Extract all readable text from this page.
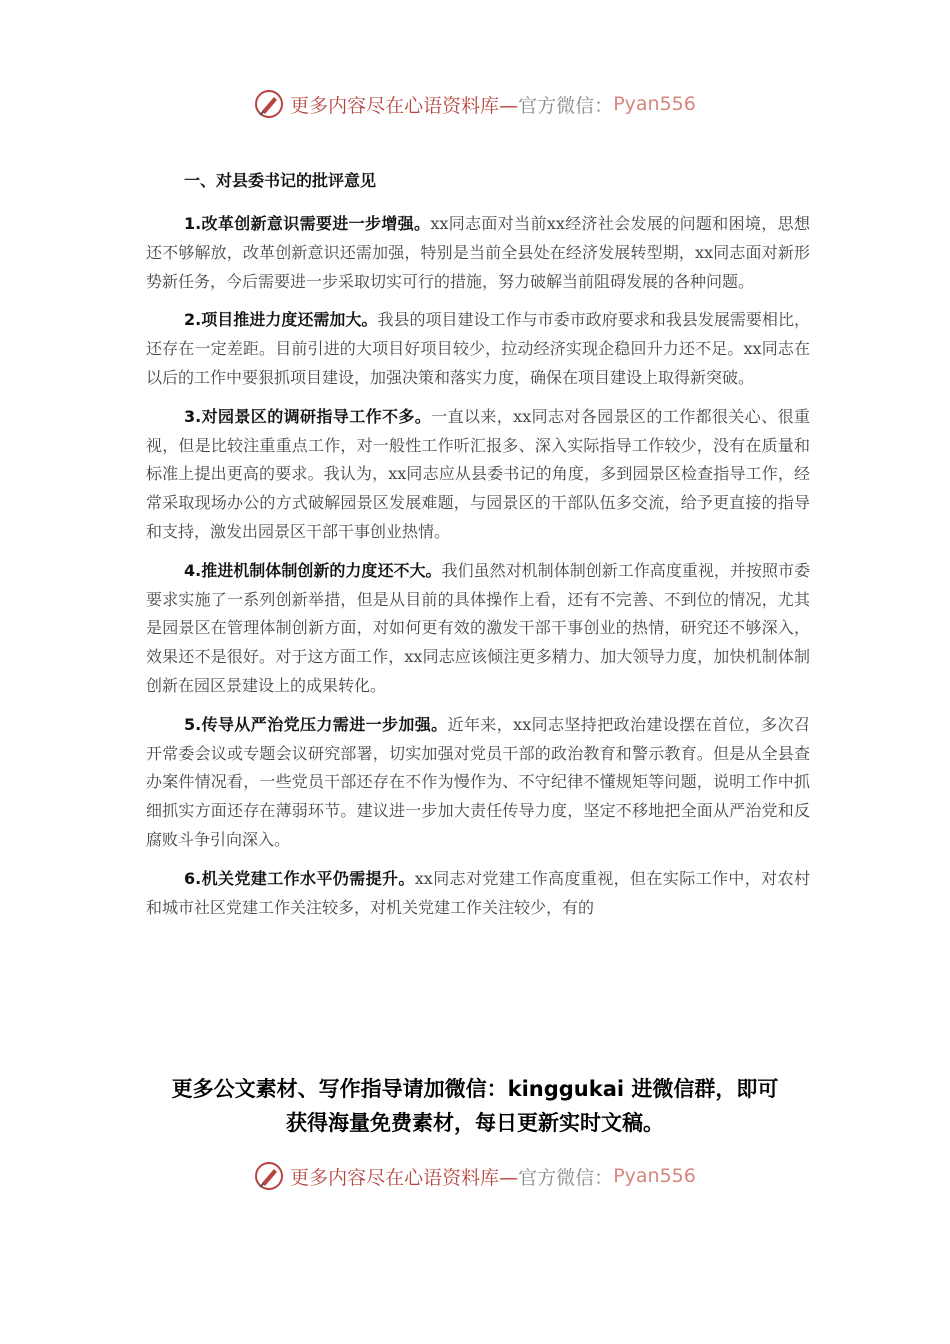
更多内容尽在心语资料库— 官方微信： Pyan556
一、对县委书记的批评意见

1.改革创新意识需要进一步增强。xx同志面对当前xx经济社会发展的问题和困境，思想还不够解放，改革创新意识还需加强，特别是当前全县处在经济发展转型期，xx同志面对新形势新任务，今后需要进一步采取切实可行的措施，努力破解当前阻碍发展的各种问题。

2.项目推进力度还需加大。我县的项目建设工作与市委市政府要求和我县发展需要相比，还存在一定差距。目前引进的大项目好项目较少，拉动经济实现企稳回升力还不足。xx同志在以后的工作中要狠抓项目建设，加强决策和落实力度，确保在项目建设上取得新突破。

3.对园景区的调研指导工作不多。一直以来，xx同志对各园景区的工作都很关心、很重视，但是比较注重重点工作，对一般性工作听汇报多、深入实际指导工作较少，没有在质量和标准上提出更高的要求。我认为，xx同志应从县委书记的角度，多到园景区检查指导工作，经常采取现场办公的方式破解园景区发展难题，与园景区的干部队伍多交流，给予更直接的指导和支持，激发出园景区干部干事创业热情。

4.推进机制体制创新的力度还不大。我们虽然对机制体制创新工作高度重视，并按照市委要求实施了一系列创新举措，但是从目前的具体操作上看，还有不完善、不到位的情况，尤其是园景区在管理体制创新方面，对如何更有效的激发干部干事创业的热情，研究还不够深入，效果还不是很好。对于这方面工作，xx同志应该倾注更多精力、加大领导力度，加快机制体制创新在园区景建设上的成果转化。

5.传导从严治党压力需进一步加强。近年来，xx同志坚持把政治建设摆在首位，多次召开常委会议或专题会议研究部署，切实加强对党员干部的政治教育和警示教育。但是从全县查办案件情况看，一些党员干部还存在不作为慢作为、不守纪律不懂规矩等问题，说明工作中抓细抓实方面还存在薄弱环节。建议进一步加大责任传导力度，坚定不移地把全面从严治党和反腐败斗争引向深入。

6.机关党建工作水平仍需提升。xx同志对党建工作高度重视，但在实际工作中，对农村和城市社区党建工作关注较多，对机关党建工作关注较少，有的

更多公文素材、写作指导请加微信：kinggukai 进微信群，即可
获得海量免费素材，每日更新实时文稿。
更多内容尽在心语资料库— 官方微信： Pyan556
